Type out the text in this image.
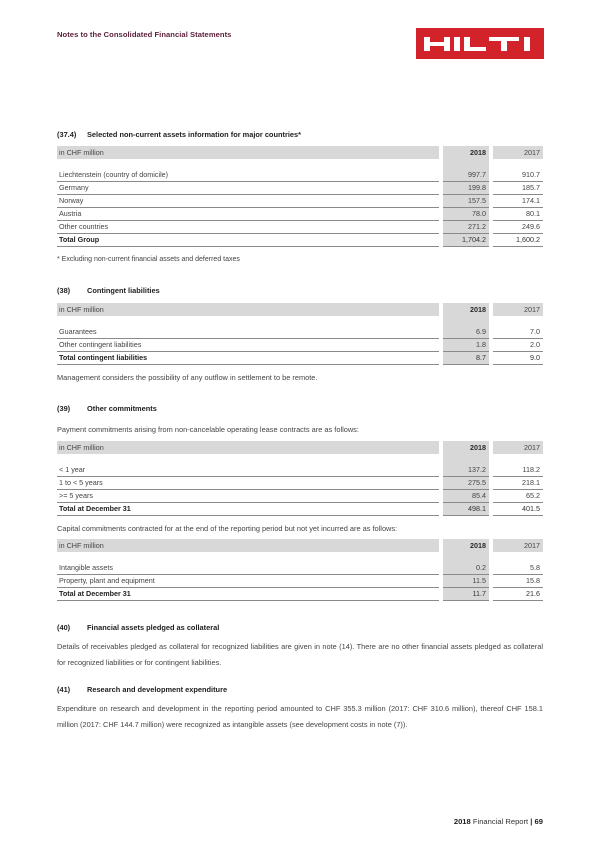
Notes to the Consolidated Financial Statements
(37.4)	Selected non-current assets information for major countries*
in CHF million		2018		2017

Liechtenstein (country of domicile)		997.7		910.7
Germany		199.8		185.7
Norway		157.5		174.1
Austria		78.0		80.1
Other countries		271.2		249.6
Total Group		1,704.2		1,600.2
* Excluding non-current financial assets and deferred taxes
(38)	Contingent liabilities
in CHF million		2018		2017

Guarantees		6.9		7.0
Other contingent liabilities		1.8		2.0
Total contingent liabilities		8.7		9.0
Management considers the possibility of any outflow in settlement to be remote.
(39)	Other commitments
Payment commitments arising from non-cancelable operating lease contracts are as follows:
in CHF million		2018		2017

< 1 year		137.2		118.2
1 to < 5 years		275.5		218.1
>= 5 years		85.4		65.2
Total at December 31		498.1		401.5
Capital commitments contracted for at the end of the reporting period but not yet incurred are as follows:
in CHF million		2018		2017

Intangible assets		0.2		5.8
Property, plant and equipment		11.5		15.8
Total at December 31		11.7		21.6
(40)	Financial assets pledged as collateral
Details of receivables pledged as collateral for recognized liabilities are given in note (14). There are no other financial assets pledged as collateral for recognized liabilities or for contingent liabilities.
(41)	Research and development expenditure
Expenditure on research and development in the reporting period amounted to CHF 355.3 million (2017: CHF 310.6 million), thereof CHF 158.1 million (2017: CHF 144.7 million) were recognized as intangible assets (see development costs in note (7)).
2018 Financial Report | 69
